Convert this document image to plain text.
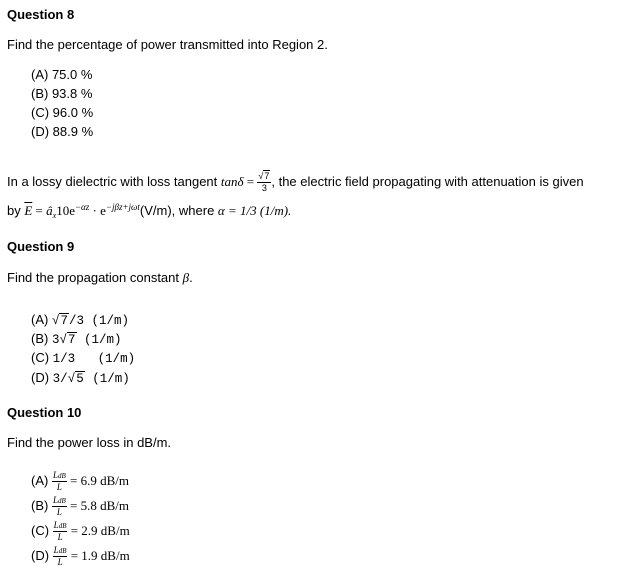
Question 8
Find the percentage of power transmitted into Region 2.
(A) 75.0 %
(B) 93.8 %
(C) 96.0 %
(D) 88.9 %
In a lossy dielectric with loss tangent $\tan\delta = \frac{√7}{3}$ , the electric field propagating with attenuation is given
by $\overline{E}$ = $â_x10e^{-\alpha z} \cdot e^{-j\beta z+j\omega t}(V/m)$, where α = 1/3 (1/m).
Question 9
Find the propagation constant β.
(A) √7/3 (1/m)
(B) 3√7 (1/m)
(C) 1/3   (1/m)
(D) 3/√5 (1/m)
Question 10
Find the power loss in dB/m.
$(A) \frac{\text{LdB}}{L} = 6.9$ dB/m
$(B) \frac{\text{LdB}}{L} = 5.8$ dB/m
$(C) \frac{\text{LdB}}{L} = 2.9$ dB/m
$(D) \frac{\text{LdB}}{L} = 1.9$ dB/m
